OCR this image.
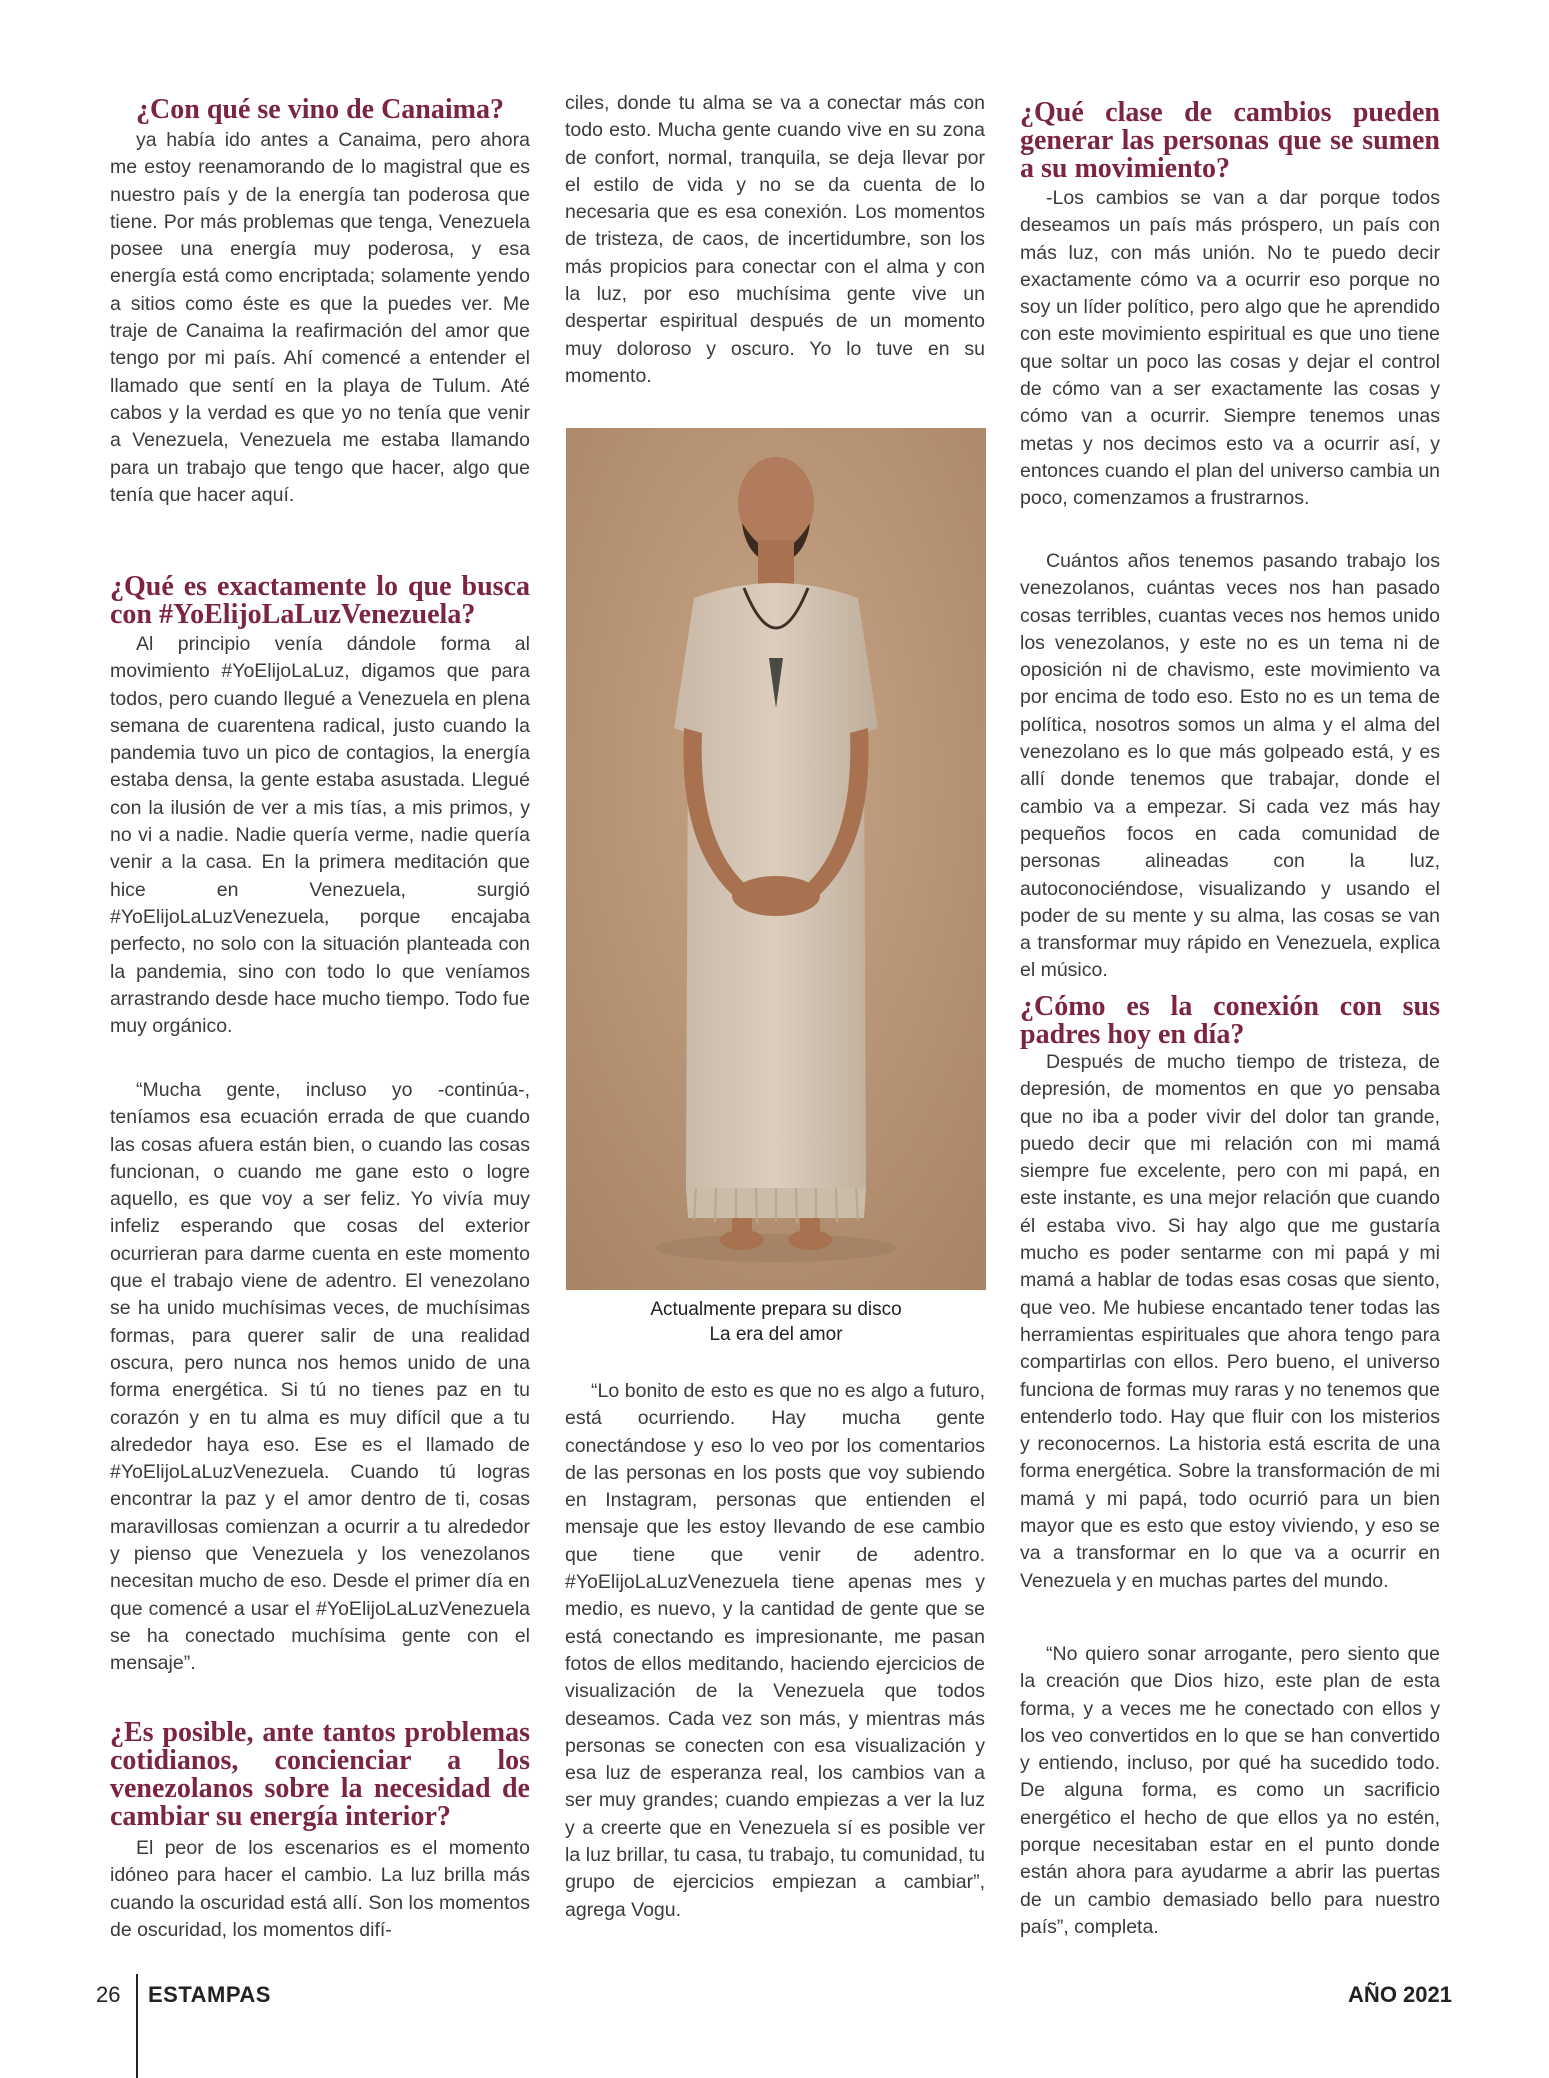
¿Con qué se vino de Canaima?

ya había ido antes a Canaima, pero ahora me estoy reenamorando de lo magistral que es nuestro país y de la energía tan poderosa que tiene. Por más problemas que tenga, Venezuela posee una energía muy poderosa, y esa energía está como encriptada; solamente yendo a sitios como éste es que la puedes ver. Me traje de Canaima la reafirmación del amor que tengo por mi país. Ahí comencé a entender el llamado que sentí en la playa de Tulum. Até cabos y la verdad es que yo no tenía que venir a Venezuela, Venezuela me estaba llamando para un trabajo que tengo que hacer, algo que tenía que hacer aquí.

¿Qué es exactamente lo que busca con #YoElijoLaLuzVenezuela?

Al principio venía dándole forma al movimiento #YoElijoLaLuz, digamos que para todos, pero cuando llegué a Venezuela en plena semana de cuarentena radical, justo cuando la pandemia tuvo un pico de contagios, la energía estaba densa, la gente estaba asustada. Llegué con la ilusión de ver a mis tías, a mis primos, y no vi a nadie. Nadie quería verme, nadie quería venir a la casa. En la primera meditación que hice en Venezuela, surgió #YoElijoLaLuzVenezuela, porque encajaba perfecto, no solo con la situación planteada con la pandemia, sino con todo lo que veníamos arrastrando desde hace mucho tiempo. Todo fue muy orgánico.

“Mucha gente, incluso yo -continúa-, teníamos esa ecuación errada de que cuando las cosas afuera están bien, o cuando las cosas funcionan, o cuando me gane esto o logre aquello, es que voy a ser feliz. Yo vivía muy infeliz esperando que cosas del exterior ocurrieran para darme cuenta en este momento que el trabajo viene de adentro. El venezolano se ha unido muchísimas veces, de muchísimas formas, para querer salir de una realidad oscura, pero nunca nos hemos unido de una forma energética. Si tú no tienes paz en tu corazón y en tu alma es muy difícil que a tu alrededor haya eso. Ese es el llamado de #YoElijoLaLuzVenezuela. Cuando tú logras encontrar la paz y el amor dentro de ti, cosas maravillosas comienzan a ocurrir a tu alrededor y pienso que Venezuela y los venezolanos necesitan mucho de eso. Desde el primer día en que comencé a usar el #YoElijoLaLuzVenezuela se ha conectado muchísima gente con el mensaje”.

¿Es posible, ante tantos problemas cotidianos, concienciar a los venezolanos sobre la necesidad de cambiar su energía interior?

El peor de los escenarios es el momento idóneo para hacer el cambio. La luz brilla más cuando la oscuridad está allí. Son los momentos de oscuridad, los momentos difí-

ciles, donde tu alma se va a conectar más con todo esto. Mucha gente cuando vive en su zona de confort, normal, tranquila, se deja llevar por el estilo de vida y no se da cuenta de lo necesaria que es esa conexión. Los momentos de tristeza, de caos, de incertidumbre, son los más propicios para conectar con el alma y con la luz, por eso muchísima gente vive un despertar espiritual después de un momento muy doloroso y oscuro. Yo lo tuve en su momento.

“Lo bonito de esto es que no es algo a futuro, está ocurriendo. Hay mucha gente conectándose y eso lo veo por los comentarios de las personas en los posts que voy subiendo en Instagram, personas que entienden el mensaje que les estoy llevando de ese cambio que tiene que venir de adentro. #YoElijoLaLuzVenezuela tiene apenas mes y medio, es nuevo, y la cantidad de gente que se está conectando es impresionante, me pasan fotos de ellos meditando, haciendo ejercicios de visualización de la Venezuela que todos deseamos. Cada vez son más, y mientras más personas se conecten con esa visualización y esa luz de esperanza real, los cambios van a ser muy grandes; cuando empiezas a ver la luz y a creerte que en Venezuela sí es posible ver la luz brillar, tu casa, tu trabajo, tu comunidad, tu grupo de ejercicios empiezan a cambiar”, agrega Vogu.

Actualmente prepara su disco
La era del amor
¿Qué clase de cambios pueden generar las personas que se sumen a su movimiento?

-Los cambios se van a dar porque todos deseamos un país más próspero, un país con más luz, con más unión. No te puedo decir exactamente cómo va a ocurrir eso porque no soy un líder político, pero algo que he aprendido con este movimiento espiritual es que uno tiene que soltar un poco las cosas y dejar el control de cómo van a ser exactamente las cosas y cómo van a ocurrir. Siempre tenemos unas metas y nos decimos esto va a ocurrir así, y entonces cuando el plan del universo cambia un poco, comenzamos a frustrarnos.

Cuántos años tenemos pasando trabajo los venezolanos, cuántas veces nos han pasado cosas terribles, cuantas veces nos hemos unido los venezolanos, y este no es un tema ni de oposición ni de chavismo, este movimiento va por encima de todo eso. Esto no es un tema de política, nosotros somos un alma y el alma del venezolano es lo que más golpeado está, y es allí donde tenemos que trabajar, donde el cambio va a empezar. Si cada vez más hay pequeños focos en cada comunidad de personas alineadas con la luz, autoconociéndose, visualizando y usando el poder de su mente y su alma, las cosas se van a transformar muy rápido en Venezuela, explica el músico.

¿Cómo es la conexión con sus padres hoy en día?

Después de mucho tiempo de tristeza, de depresión, de momentos en que yo pensaba que no iba a poder vivir del dolor tan grande, puedo decir que mi relación con mi mamá siempre fue excelente, pero con mi papá, en este instante, es una mejor relación que cuando él estaba vivo. Si hay algo que me gustaría mucho es poder sentarme con mi papá y mi mamá a hablar de todas esas cosas que siento, que veo. Me hubiese encantado tener todas las herramientas espirituales que ahora tengo para compartirlas con ellos. Pero bueno, el universo funciona de formas muy raras y no tenemos que entenderlo todo. Hay que fluir con los misterios y reconocernos. La historia está escrita de una forma energética. Sobre la transformación de mi mamá y mi papá, todo ocurrió para un bien mayor que es esto que estoy viviendo, y eso se va a transformar en lo que va a ocurrir en Venezuela y en muchas partes del mundo.

“No quiero sonar arrogante, pero siento que la creación que Dios hizo, este plan de esta forma, y a veces me he conectado con ellos y los veo convertidos en lo que se han convertido y entiendo, incluso, por qué ha sucedido todo. De alguna forma, es como un sacrificio energético el hecho de que ellos ya no estén, porque necesitaban estar en el punto donde están ahora para ayudarme a abrir las puertas de un cambio demasiado bello para nuestro país”, completa.

26 ESTAMPAS	AÑO 2021
